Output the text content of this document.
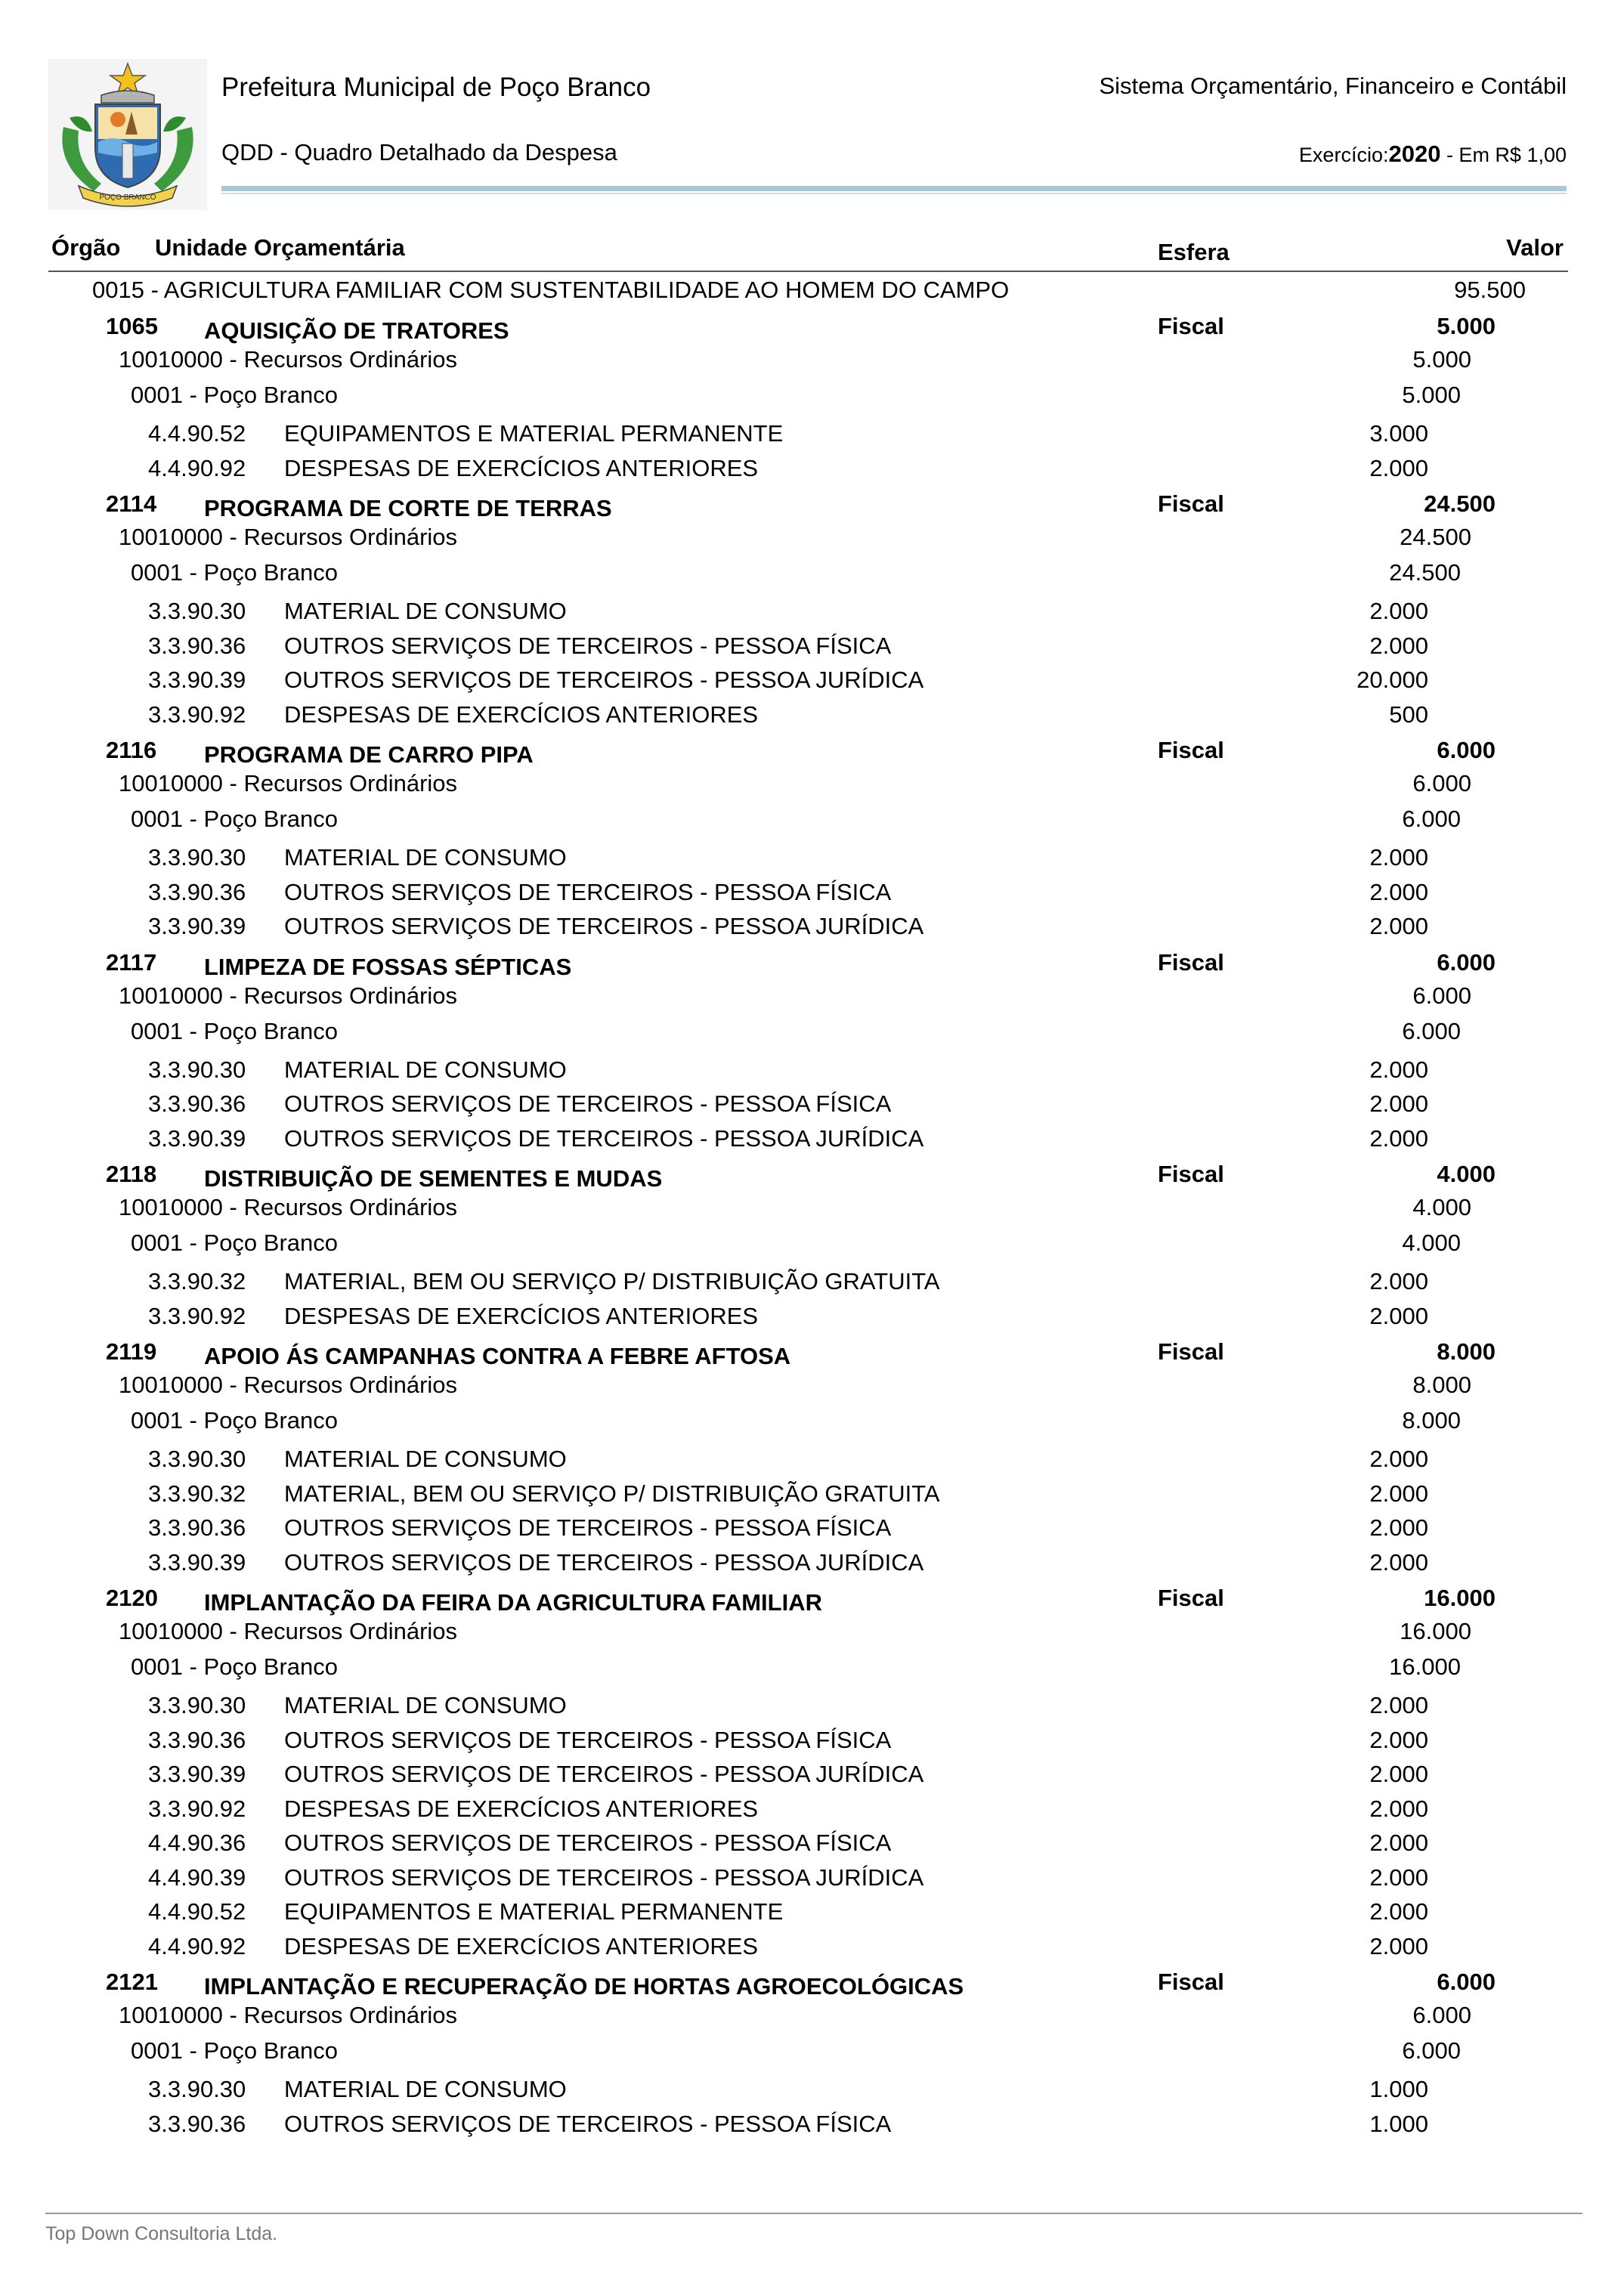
POÇO BRANCO
Prefeitura Municipal de Poço Branco
QDD - Quadro Detalhado da Despesa
Sistema Orçamentário, Financeiro e Contábil
Exercício:2020 - Em R$ 1,00
Órgão Unidade Orçamentária	Esfera	Valor
0015 - AGRICULTURA FAMILIAR COM SUSTENTABILIDADE AO HOMEM DO CAMPO	95.500
1065 AQUISIÇÃO DE TRATORES	Fiscal	5.000
10010000 - Recursos Ordinários	5.000
0001 - Poço Branco	5.000
4.4.90.52 EQUIPAMENTOS E MATERIAL PERMANENTE	3.000
4.4.90.92 DESPESAS DE EXERCÍCIOS ANTERIORES	2.000
2114 PROGRAMA DE CORTE DE TERRAS	Fiscal	24.500
10010000 - Recursos Ordinários	24.500
0001 - Poço Branco	24.500
3.3.90.30 MATERIAL DE CONSUMO	2.000
3.3.90.36 OUTROS SERVIÇOS DE TERCEIROS - PESSOA FÍSICA	2.000
3.3.90.39 OUTROS SERVIÇOS DE TERCEIROS - PESSOA JURÍDICA	20.000
3.3.90.92 DESPESAS DE EXERCÍCIOS ANTERIORES	500
2116 PROGRAMA DE CARRO PIPA	Fiscal	6.000
10010000 - Recursos Ordinários	6.000
0001 - Poço Branco	6.000
3.3.90.30 MATERIAL DE CONSUMO	2.000
3.3.90.36 OUTROS SERVIÇOS DE TERCEIROS - PESSOA FÍSICA	2.000
3.3.90.39 OUTROS SERVIÇOS DE TERCEIROS - PESSOA JURÍDICA	2.000
2117 LIMPEZA DE FOSSAS SÉPTICAS	Fiscal	6.000
10010000 - Recursos Ordinários	6.000
0001 - Poço Branco	6.000
3.3.90.30 MATERIAL DE CONSUMO	2.000
3.3.90.36 OUTROS SERVIÇOS DE TERCEIROS - PESSOA FÍSICA	2.000
3.3.90.39 OUTROS SERVIÇOS DE TERCEIROS - PESSOA JURÍDICA	2.000
2118 DISTRIBUIÇÃO DE SEMENTES E MUDAS	Fiscal	4.000
10010000 - Recursos Ordinários	4.000
0001 - Poço Branco	4.000
3.3.90.32 MATERIAL, BEM OU SERVIÇO P/ DISTRIBUIÇÃO GRATUITA	2.000
3.3.90.92 DESPESAS DE EXERCÍCIOS ANTERIORES	2.000
2119 APOIO ÁS CAMPANHAS CONTRA A FEBRE AFTOSA	Fiscal	8.000
10010000 - Recursos Ordinários	8.000
0001 - Poço Branco	8.000
3.3.90.30 MATERIAL DE CONSUMO	2.000
3.3.90.32 MATERIAL, BEM OU SERVIÇO P/ DISTRIBUIÇÃO GRATUITA	2.000
3.3.90.36 OUTROS SERVIÇOS DE TERCEIROS - PESSOA FÍSICA	2.000
3.3.90.39 OUTROS SERVIÇOS DE TERCEIROS - PESSOA JURÍDICA	2.000
2120 IMPLANTAÇÃO DA FEIRA DA AGRICULTURA FAMILIAR	Fiscal	16.000
10010000 - Recursos Ordinários	16.000
0001 - Poço Branco	16.000
3.3.90.30 MATERIAL DE CONSUMO	2.000
3.3.90.36 OUTROS SERVIÇOS DE TERCEIROS - PESSOA FÍSICA	2.000
3.3.90.39 OUTROS SERVIÇOS DE TERCEIROS - PESSOA JURÍDICA	2.000
3.3.90.92 DESPESAS DE EXERCÍCIOS ANTERIORES	2.000
4.4.90.36 OUTROS SERVIÇOS DE TERCEIROS - PESSOA FÍSICA	2.000
4.4.90.39 OUTROS SERVIÇOS DE TERCEIROS - PESSOA JURÍDICA	2.000
4.4.90.52 EQUIPAMENTOS E MATERIAL PERMANENTE	2.000
4.4.90.92 DESPESAS DE EXERCÍCIOS ANTERIORES	2.000
2121 IMPLANTAÇÃO E RECUPERAÇÃO DE HORTAS AGROECOLÓGICAS	Fiscal	6.000
10010000 - Recursos Ordinários	6.000
0001 - Poço Branco	6.000
3.3.90.30 MATERIAL DE CONSUMO	1.000
3.3.90.36 OUTROS SERVIÇOS DE TERCEIROS - PESSOA FÍSICA	1.000
Top Down Consultoria Ltda.
